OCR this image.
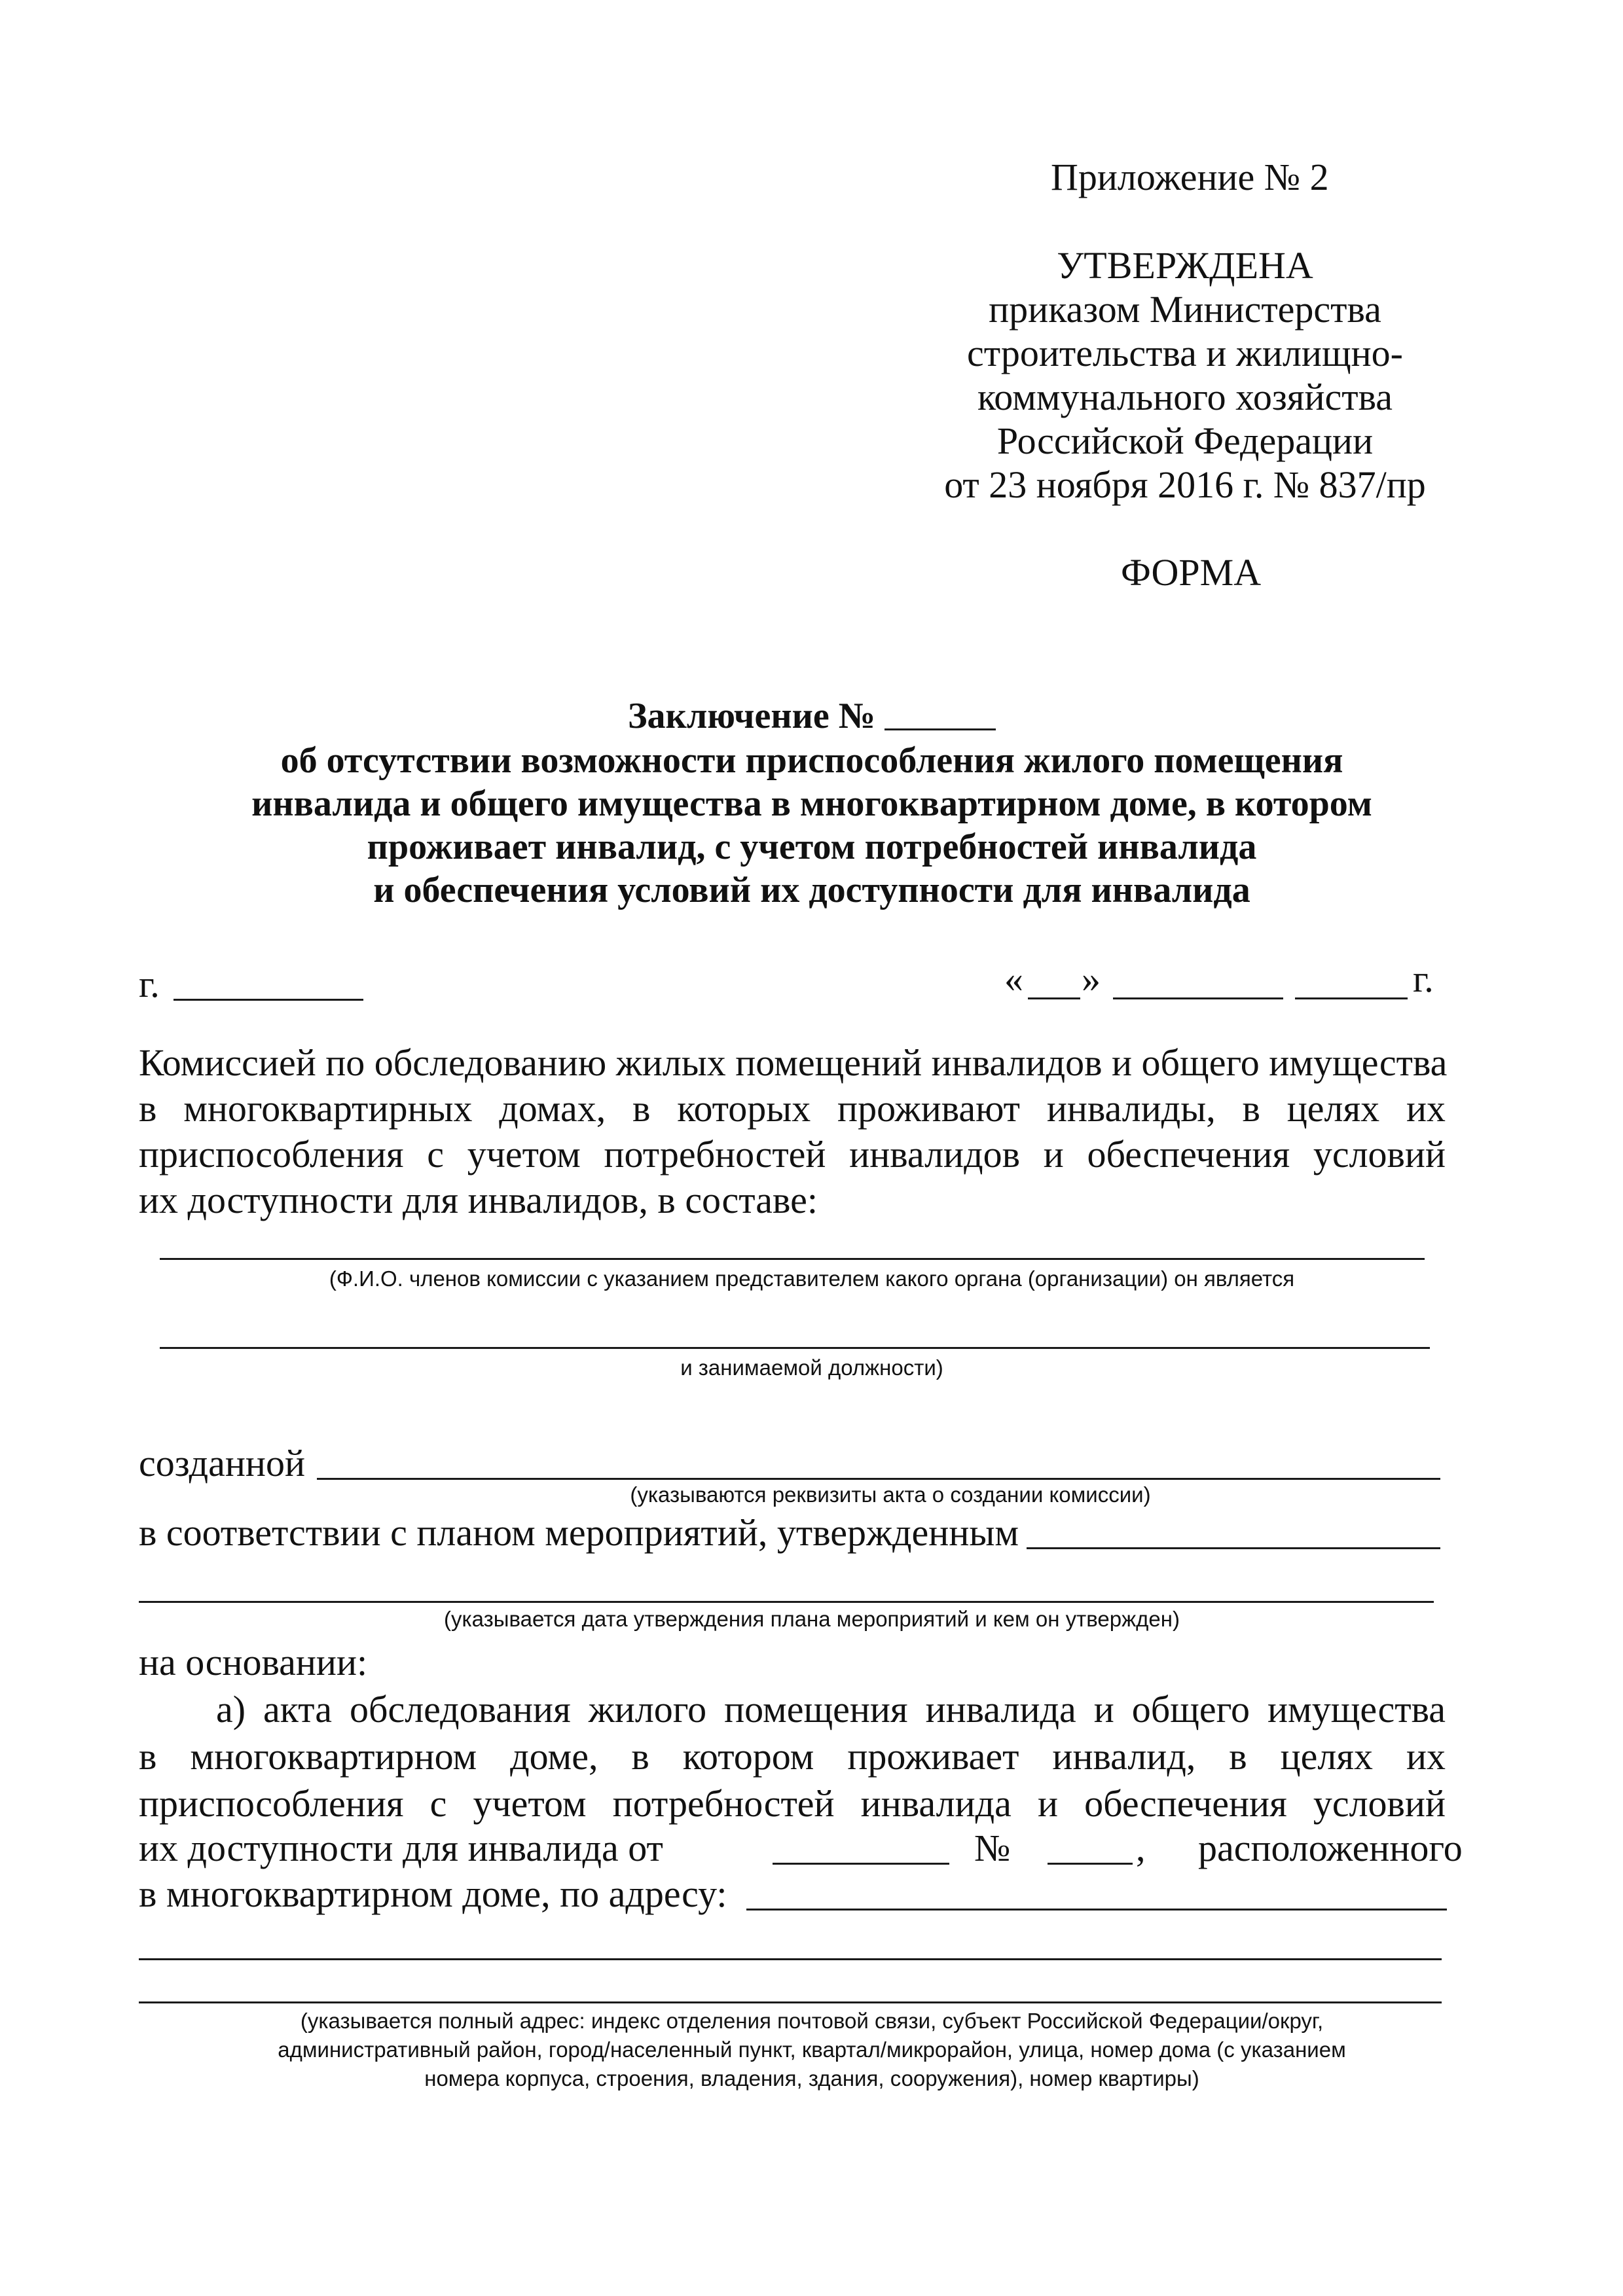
Приложение № 2
УТВЕРЖДЕНА
приказом Министерства
строительства и жилищно-
коммунального хозяйства
Российской Федерации
от 23 ноября 2016 г. № 837/пр
ФОРМА
Заключение №
об отсутствии возможности приспособления жилого помещения
инвалида и общего имущества в многоквартирном доме, в котором
проживает инвалид, с учетом потребностей инвалида
и обеспечения условий их доступности для инвалида
г.	« »	г.
Комиссией по обследованию жилых помещений инвалидов и общего имущества
в многоквартирных домах, в которых проживают инвалиды, в целях их
приспособления с учетом потребностей инвалидов и обеспечения условий
их доступности для инвалидов, в составе:
(Ф.И.О. членов комиссии с указанием представителем какого органа (организации) он является
и занимаемой должности)
созданной
(указываются реквизиты акта о создании комиссии)
в соответствии с планом мероприятий, утвержденным
(указывается дата утверждения плана мероприятий и кем он утвержден)
на основании:
а) акта обследования жилого помещения инвалида и общего имущества
в многоквартирном доме, в котором проживает инвалид, в целях их
приспособления с учетом потребностей инвалида и обеспечения условий
их доступности для инвалида от	№	, расположенного
в многоквартирном доме, по адресу:
(указывается полный адрес: индекс отделения почтовой связи, субъект Российской Федерации/округ,
административный район, город/населенный пункт, квартал/микрорайон, улица, номер дома (с указанием
номера корпуса, строения, владения, здания, сооружения), номер квартиры)
